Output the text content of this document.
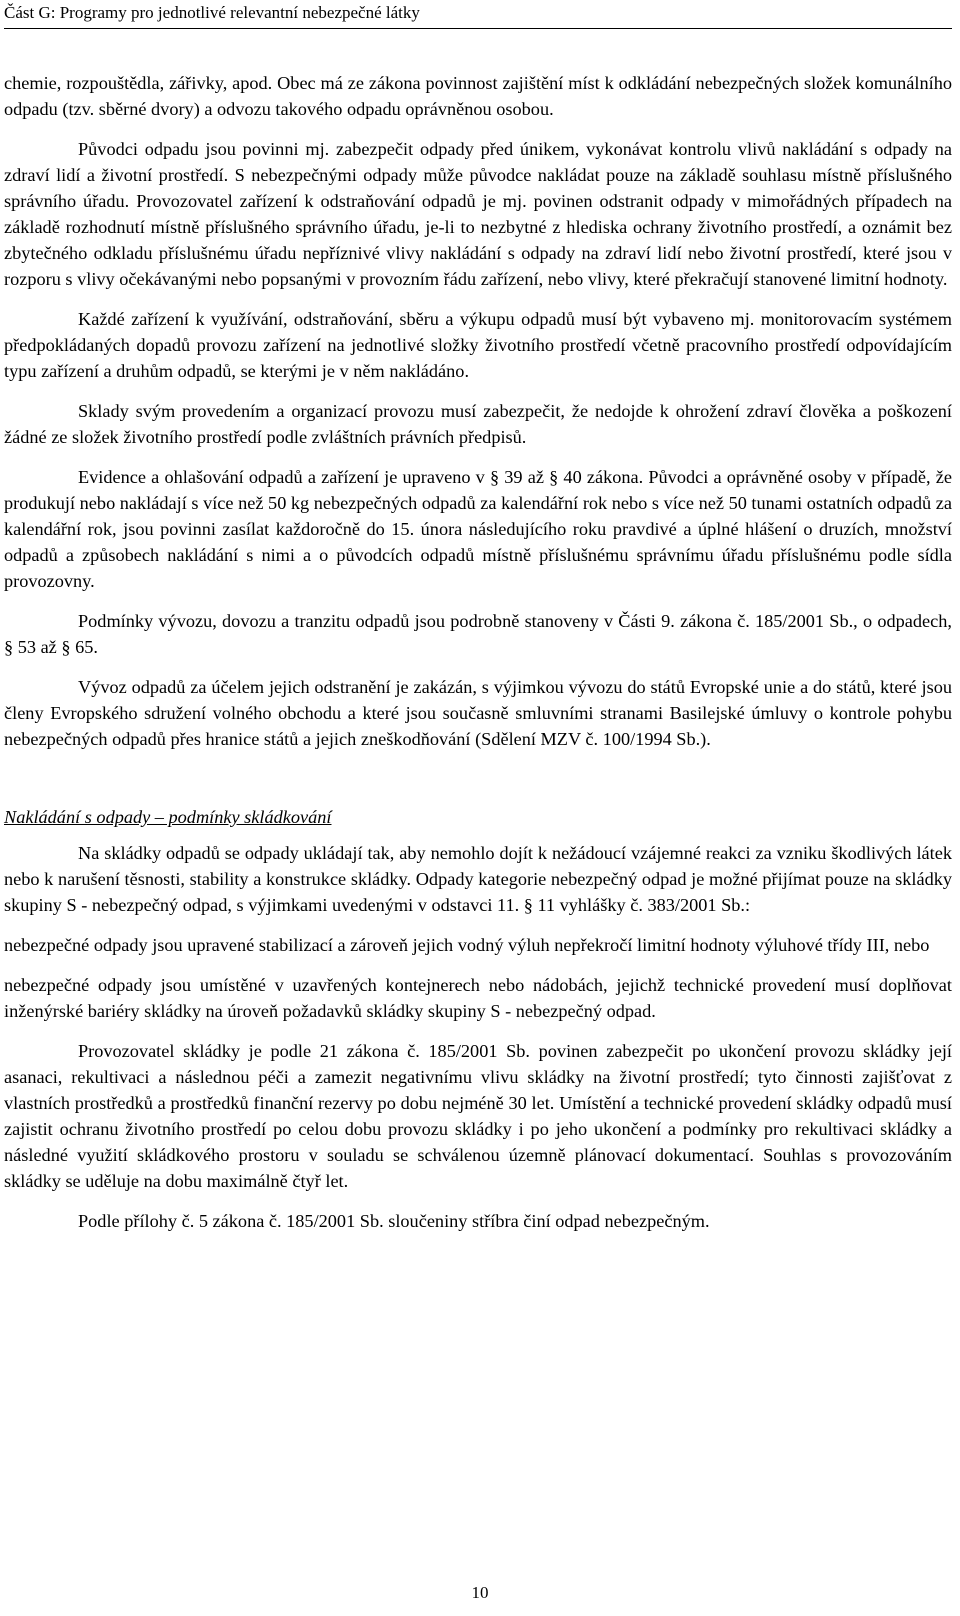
Část G: Programy pro jednotlivé relevantní nebezpečné látky

chemie, rozpouštědla, zářivky, apod. Obec má ze zákona povinnost zajištění míst k odkládání nebezpečných složek komunálního odpadu (tzv. sběrné dvory) a odvozu takového odpadu oprávněnou osobou.

Původci odpadu jsou povinni mj. zabezpečit odpady před únikem, vykonávat kontrolu vlivů nakládání s odpady na zdraví lidí a životní prostředí. S nebezpečnými odpady může původce nakládat pouze na základě souhlasu místně příslušného správního úřadu. Provozovatel zařízení k odstraňování odpadů je mj. povinen odstranit odpady v mimořádných případech na základě rozhodnutí místně příslušného správního úřadu, je-li to nezbytné z hlediska ochrany životního prostředí, a oznámit bez zbytečného odkladu příslušnému úřadu nepříznivé vlivy nakládání s odpady na zdraví lidí nebo životní prostředí, které jsou v rozporu s vlivy očekávanými nebo popsanými v provozním řádu zařízení, nebo vlivy, které překračují stanovené limitní hodnoty.

Každé zařízení k využívání, odstraňování, sběru a výkupu odpadů musí být vybaveno mj. monitorovacím systémem předpokládaných dopadů provozu zařízení na jednotlivé složky životního prostředí včetně pracovního prostředí odpovídajícím typu zařízení a druhům odpadů, se kterými je v něm nakládáno.

Sklady svým provedením a organizací provozu musí zabezpečit, že nedojde k ohrožení zdraví člověka a poškození žádné ze složek životního prostředí podle zvláštních právních předpisů.

Evidence a ohlašování odpadů a zařízení je upraveno v § 39 až § 40 zákona. Původci a oprávněné osoby v případě, že produkují nebo nakládají s více než 50 kg nebezpečných odpadů za kalendářní rok nebo s více než 50 tunami ostatních odpadů za kalendářní rok, jsou povinni zasílat každoročně do 15. února následujícího roku pravdivé a úplné hlášení o druzích, množství odpadů a způsobech nakládání s nimi a o původcích odpadů místně příslušnému správnímu úřadu příslušnému podle sídla provozovny.

Podmínky vývozu, dovozu a tranzitu odpadů jsou podrobně stanoveny v Části 9. zákona č. 185/2001 Sb., o odpadech, § 53 až § 65.

Vývoz odpadů za účelem jejich odstranění je zakázán, s výjimkou vývozu do států Evropské unie a do států, které jsou členy Evropského sdružení volného obchodu a které jsou současně smluvními stranami Basilejské úmluvy o kontrole pohybu nebezpečných odpadů přes hranice států a jejich zneškodňování (Sdělení MZV č. 100/1994 Sb.).

Nakládání s odpady – podmínky skládkování

Na skládky odpadů se odpady ukládají tak, aby nemohlo dojít k nežádoucí vzájemné reakci za vzniku škodlivých látek nebo k narušení těsnosti, stability a konstrukce skládky. Odpady kategorie nebezpečný odpad je možné přijímat pouze na skládky skupiny S - nebezpečný odpad, s výjimkami uvedenými v odstavci 11. § 11 vyhlášky č. 383/2001 Sb.:

nebezpečné odpady jsou upravené stabilizací a zároveň jejich vodný výluh nepřekročí limitní hodnoty výluhové třídy III, nebo

nebezpečné odpady jsou umístěné v uzavřených kontejnerech nebo nádobách, jejichž technické provedení musí doplňovat inženýrské bariéry skládky na úroveň požadavků skládky skupiny S - nebezpečný odpad.

Provozovatel skládky je podle 21 zákona č. 185/2001 Sb. povinen zabezpečit po ukončení provozu skládky její asanaci, rekultivaci a následnou péči a zamezit negativnímu vlivu skládky na životní prostředí; tyto činnosti zajišťovat z vlastních prostředků a prostředků finanční rezervy po dobu nejméně 30 let. Umístění a technické provedení skládky odpadů musí zajistit ochranu životního prostředí po celou dobu provozu skládky i po jeho ukončení a podmínky pro rekultivaci skládky a následné využití skládkového prostoru v souladu se schválenou územně plánovací dokumentací. Souhlas s provozováním skládky se uděluje na dobu maximálně čtyř let.

Podle přílohy č. 5 zákona č. 185/2001 Sb. sloučeniny stříbra činí odpad nebezpečným.

10
